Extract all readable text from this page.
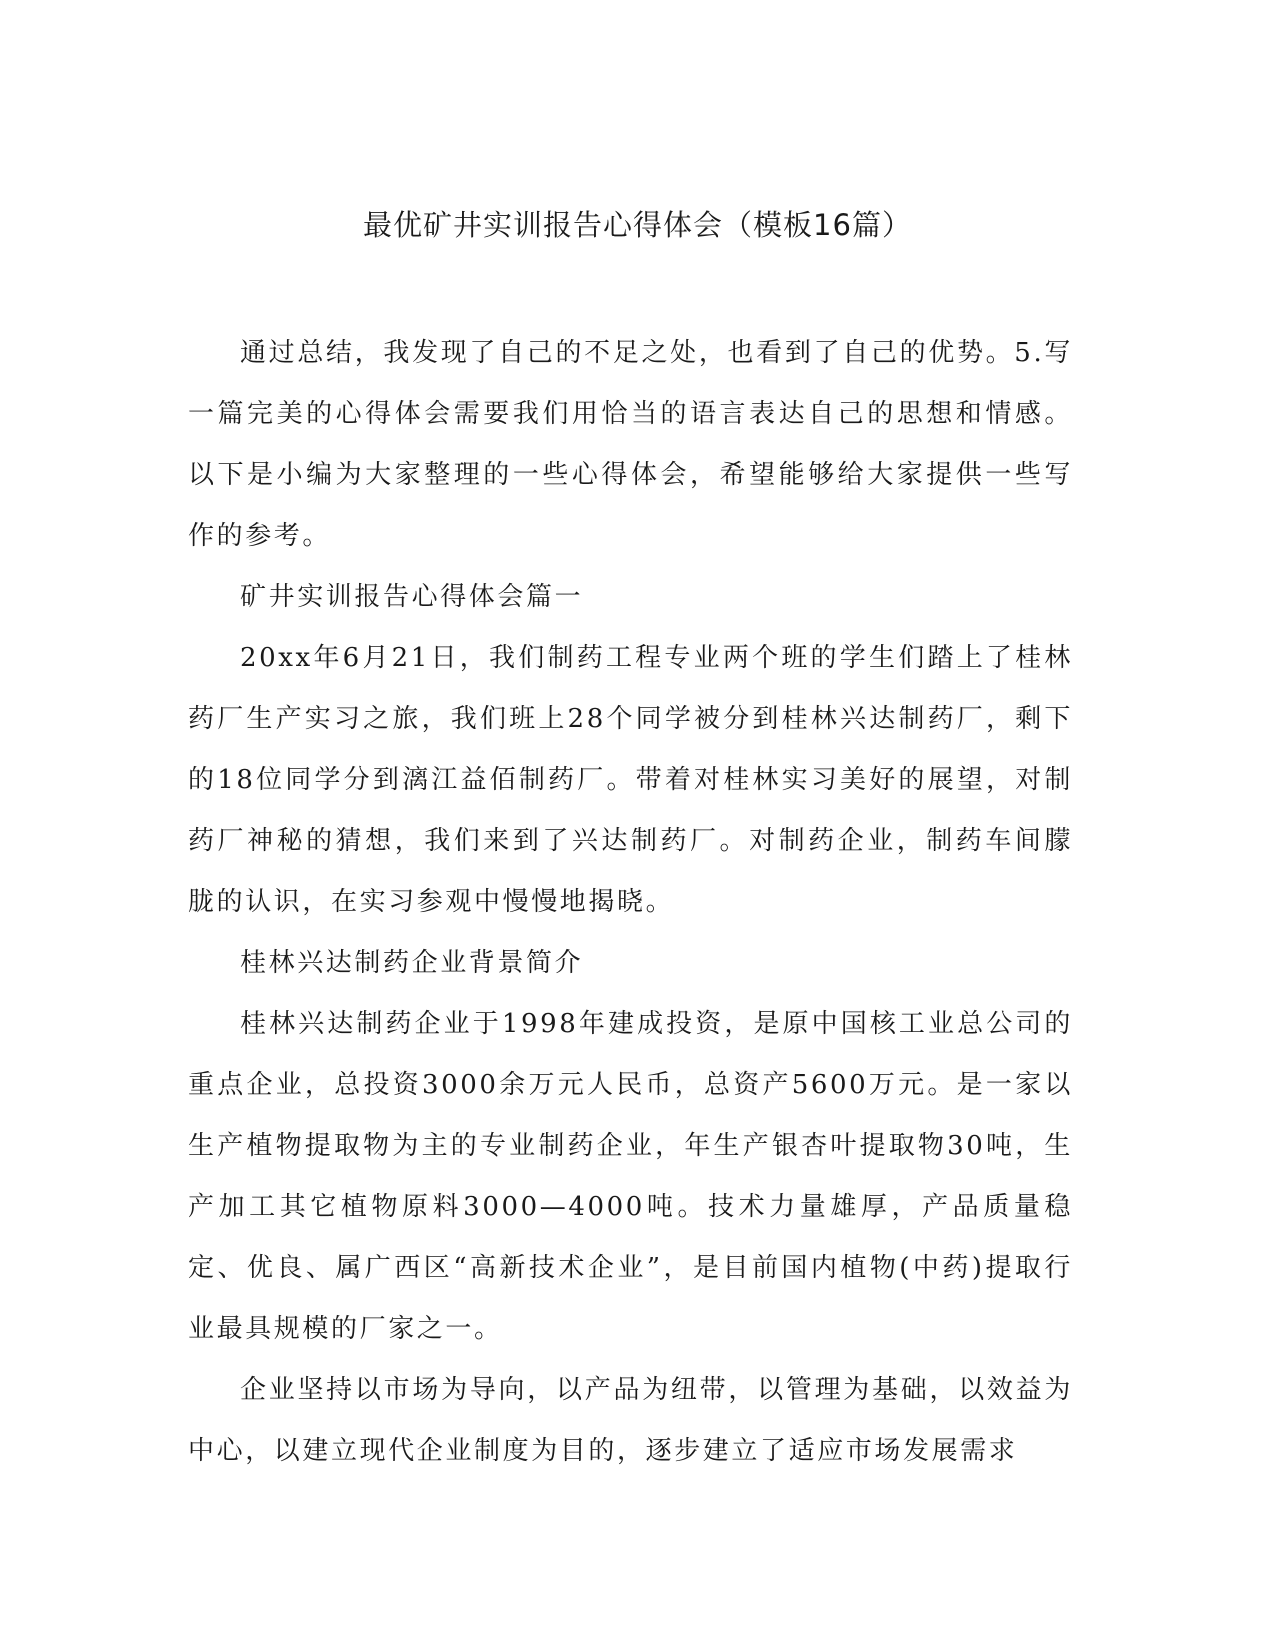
最优矿井实训报告心得体会（模板16篇）

通过总结，我发现了自己的不足之处，也看到了自己的优势。5.写一篇完美的心得体会需要我们用恰当的语言表达自己的思想和情感。以下是小编为大家整理的一些心得体会，希望能够给大家提供一些写作的参考。

矿井实训报告心得体会篇一

20xx年6月21日，我们制药工程专业两个班的学生们踏上了桂林药厂生产实习之旅，我们班上28个同学被分到桂林兴达制药厂，剩下的18位同学分到漓江益佰制药厂。带着对桂林实习美好的展望，对制药厂神秘的猜想，我们来到了兴达制药厂。对制药企业，制药车间朦胧的认识，在实习参观中慢慢地揭晓。

桂林兴达制药企业背景简介

桂林兴达制药企业于1998年建成投资，是原中国核工业总公司的重点企业，总投资3000余万元人民币，总资产5600万元。是一家以生产植物提取物为主的专业制药企业，年生产银杏叶提取物30吨，生产加工其它植物原料3000—4000吨。技术力量雄厚，产品质量稳定、优良、属广西区“高新技术企业”，是目前国内植物(中药)提取行业最具规模的厂家之一。

企业坚持以市场为导向，以产品为纽带，以管理为基础，以效益为中心，以建立现代企业制度为目的，逐步建立了适应市场发展需求
